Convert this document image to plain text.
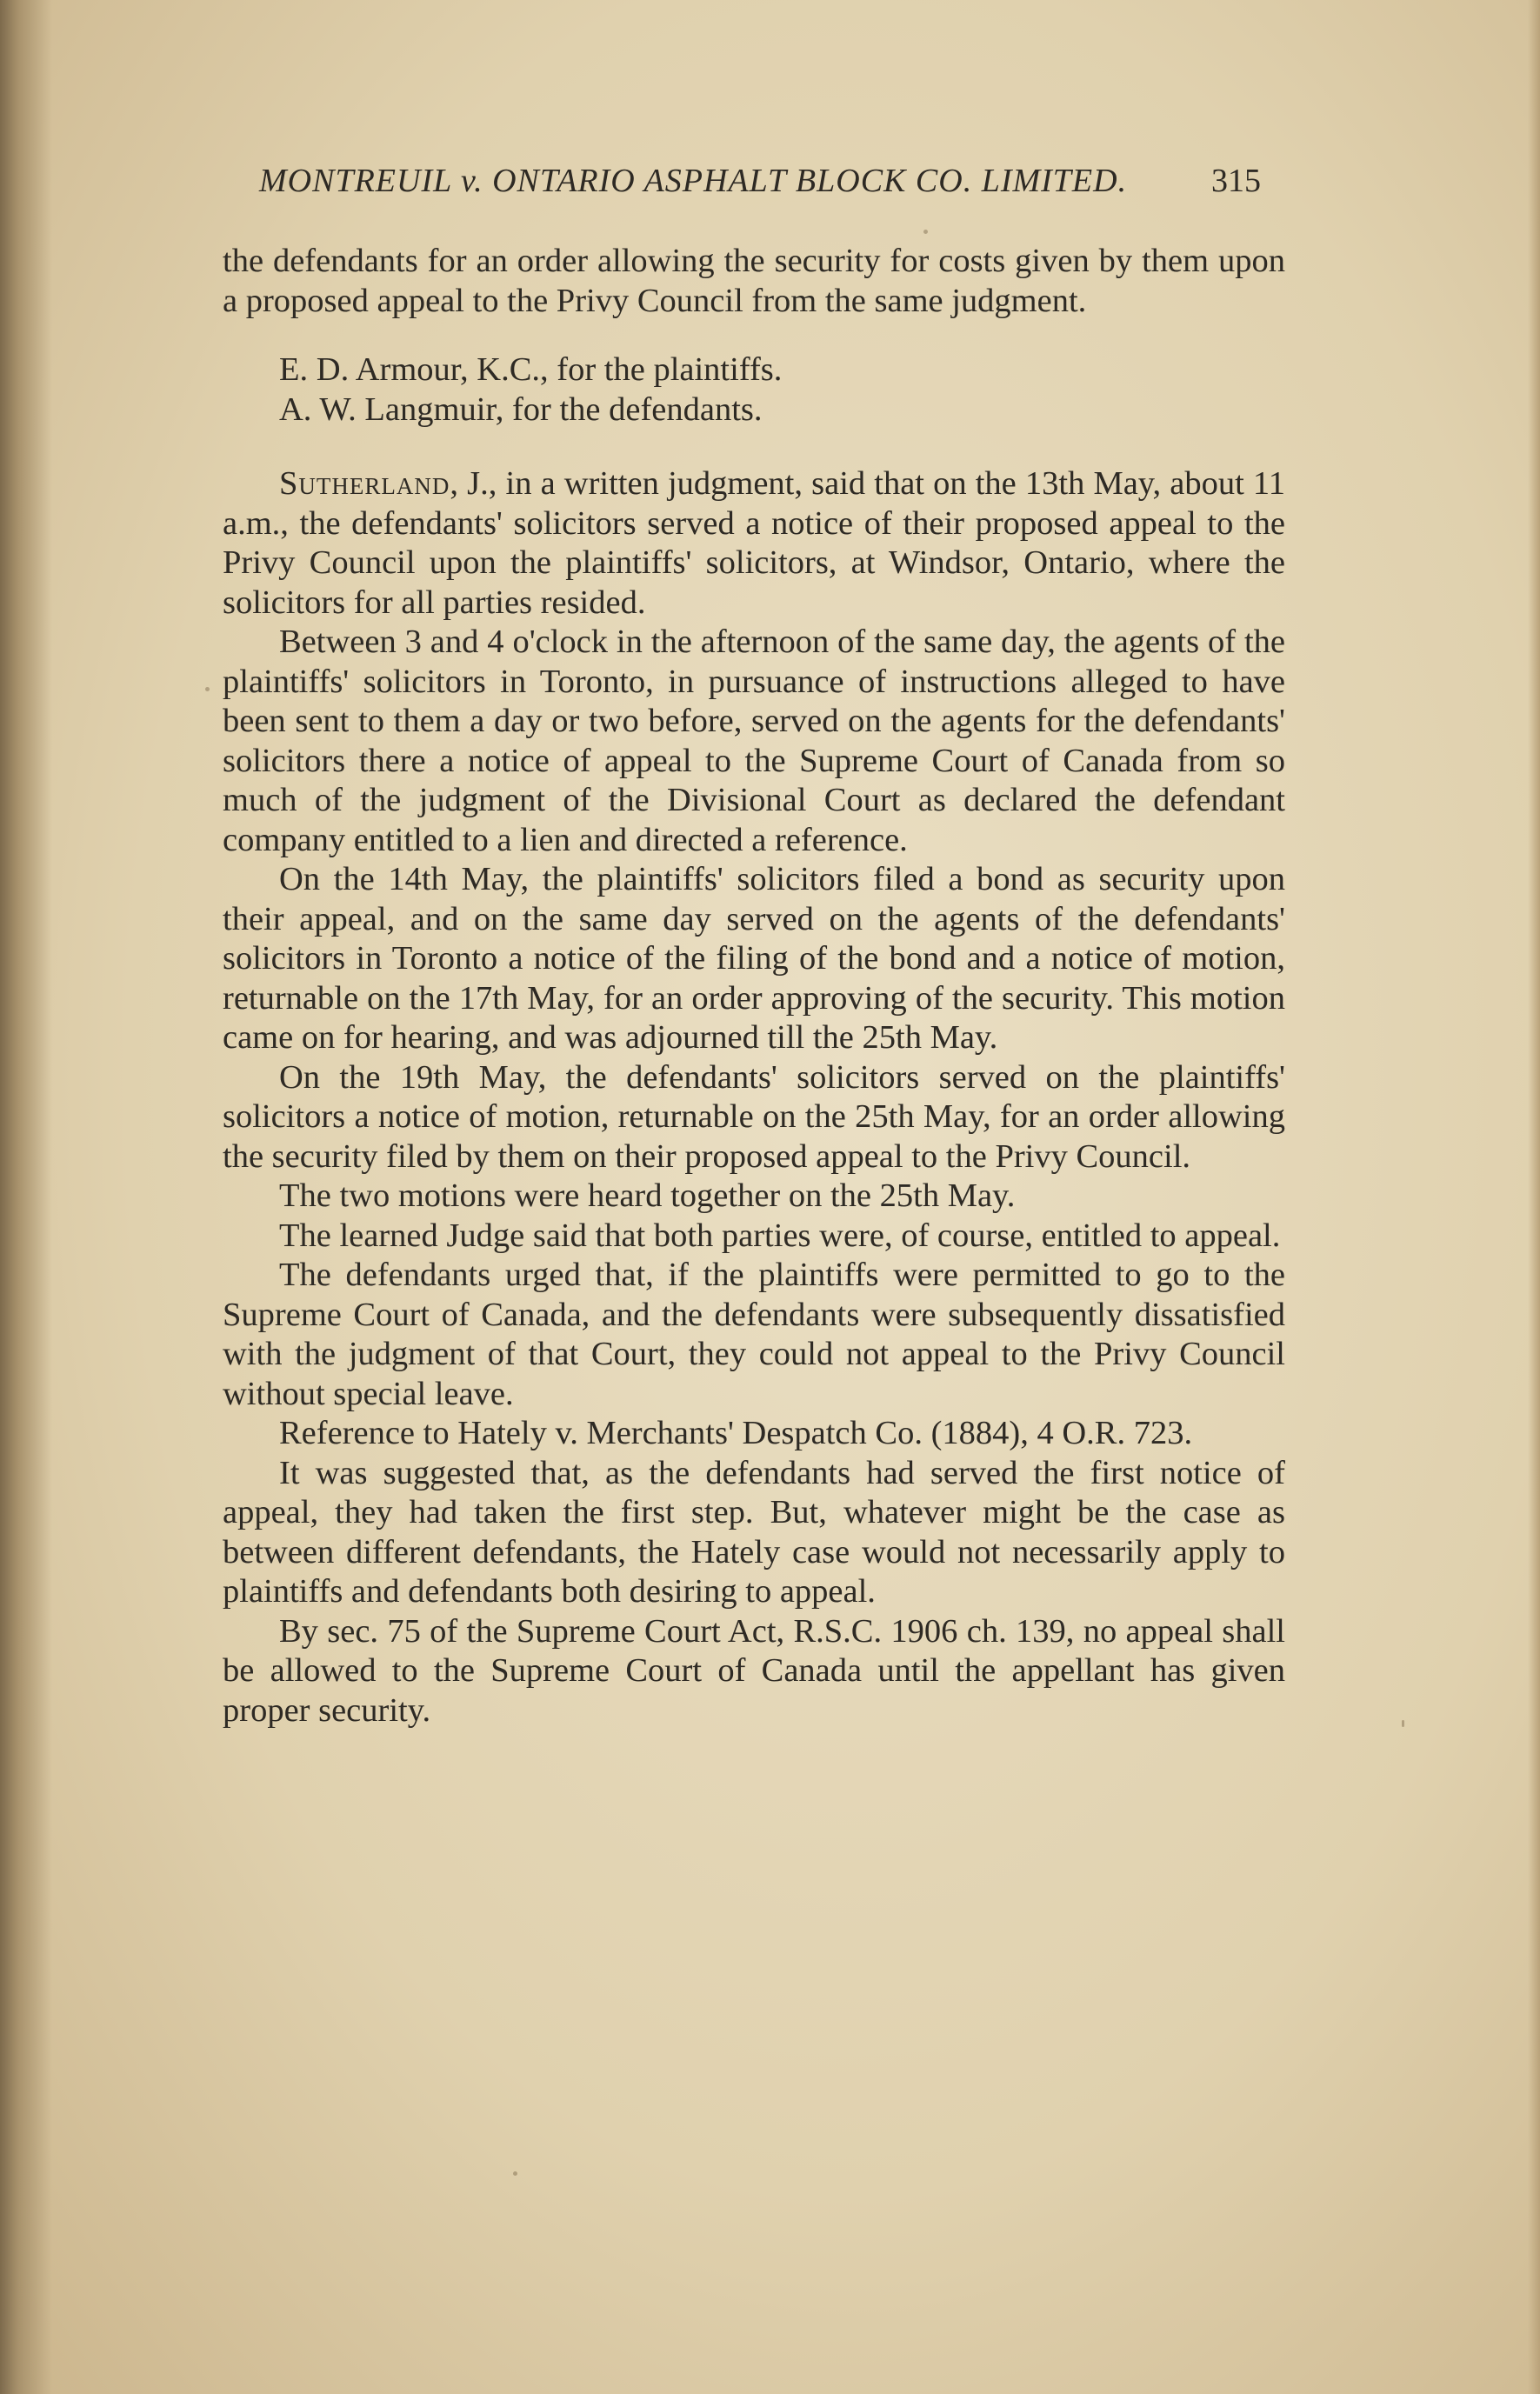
MONTREUIL v. ONTARIO ASPHALT BLOCK CO. LIMITED.	315

the defendants for an order allowing the security for costs given by them upon a proposed appeal to the Privy Council from the same judgment.

E. D. Armour, K.C., for the plaintiffs.

A. W. Langmuir, for the defendants.

Sutherland, J., in a written judgment, said that on the 13th May, about 11 a.m., the defendants' solicitors served a notice of their proposed appeal to the Privy Council upon the plaintiffs' solicitors, at Windsor, Ontario, where the solicitors for all parties resided.

Between 3 and 4 o'clock in the afternoon of the same day, the agents of the plaintiffs' solicitors in Toronto, in pursuance of instructions alleged to have been sent to them a day or two before, served on the agents for the defendants' solicitors there a notice of appeal to the Supreme Court of Canada from so much of the judgment of the Divisional Court as declared the defendant company entitled to a lien and directed a reference.

On the 14th May, the plaintiffs' solicitors filed a bond as security upon their appeal, and on the same day served on the agents of the defendants' solicitors in Toronto a notice of the filing of the bond and a notice of motion, returnable on the 17th May, for an order approving of the security. This motion came on for hearing, and was adjourned till the 25th May.

On the 19th May, the defendants' solicitors served on the plaintiffs' solicitors a notice of motion, returnable on the 25th May, for an order allowing the security filed by them on their proposed appeal to the Privy Council.

The two motions were heard together on the 25th May.

The learned Judge said that both parties were, of course, entitled to appeal.

The defendants urged that, if the plaintiffs were permitted to go to the Supreme Court of Canada, and the defendants were subsequently dissatisfied with the judgment of that Court, they could not appeal to the Privy Council without special leave.

Reference to Hately v. Merchants' Despatch Co. (1884), 4 O.R. 723.

It was suggested that, as the defendants had served the first notice of appeal, they had taken the first step. But, whatever might be the case as between different defendants, the Hately case would not necessarily apply to plaintiffs and defendants both desiring to appeal.

By sec. 75 of the Supreme Court Act, R.S.C. 1906 ch. 139, no appeal shall be allowed to the Supreme Court of Canada until the appellant has given proper security.
